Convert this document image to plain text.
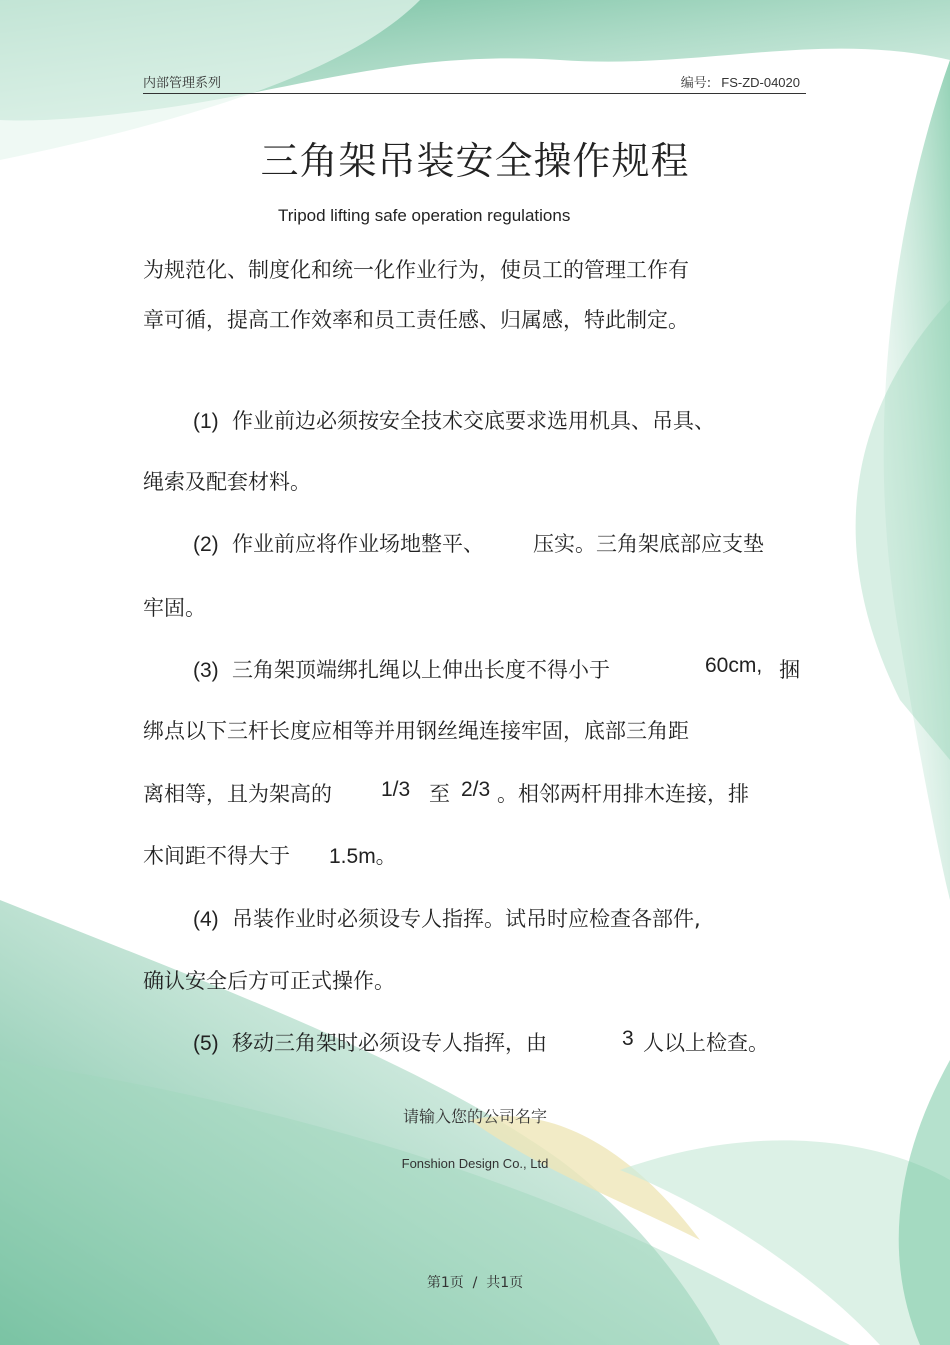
内部管理系列	编号: FS-ZD-04020
三角架吊装安全操作规程
Tripod lifting safe operation regulations
为规范化、制度化和统一化作业行为，使员工的管理工作有
章可循，提高工作效率和员工责任感、归属感，特此制定。
(1) 作业前边必须按安全技术交底要求选用机具、吊具、
绳索及配套材料。
(2) 作业前应将作业场地整平、 压实。三角架底部应支垫
牢固。
(3) 三角架顶端绑扎绳以上伸出长度不得小于	60cm, 捆
绑点以下三杆长度应相等并用钢丝绳连接牢固，底部三角距
离相等，且为架高的 1/3 至 2/3 。相邻两杆用排木连接，排
木间距不得大于 1.5m。
(4) 吊装作业时必须设专人指挥。试吊时应检查各部件,
确认安全后方可正式操作。
(5) 移动三角架时必须设专人指挥，由	3 人以上检查。
请输入您的公司名字
Fonshion Design Co., Ltd
第1页  /  共1页
